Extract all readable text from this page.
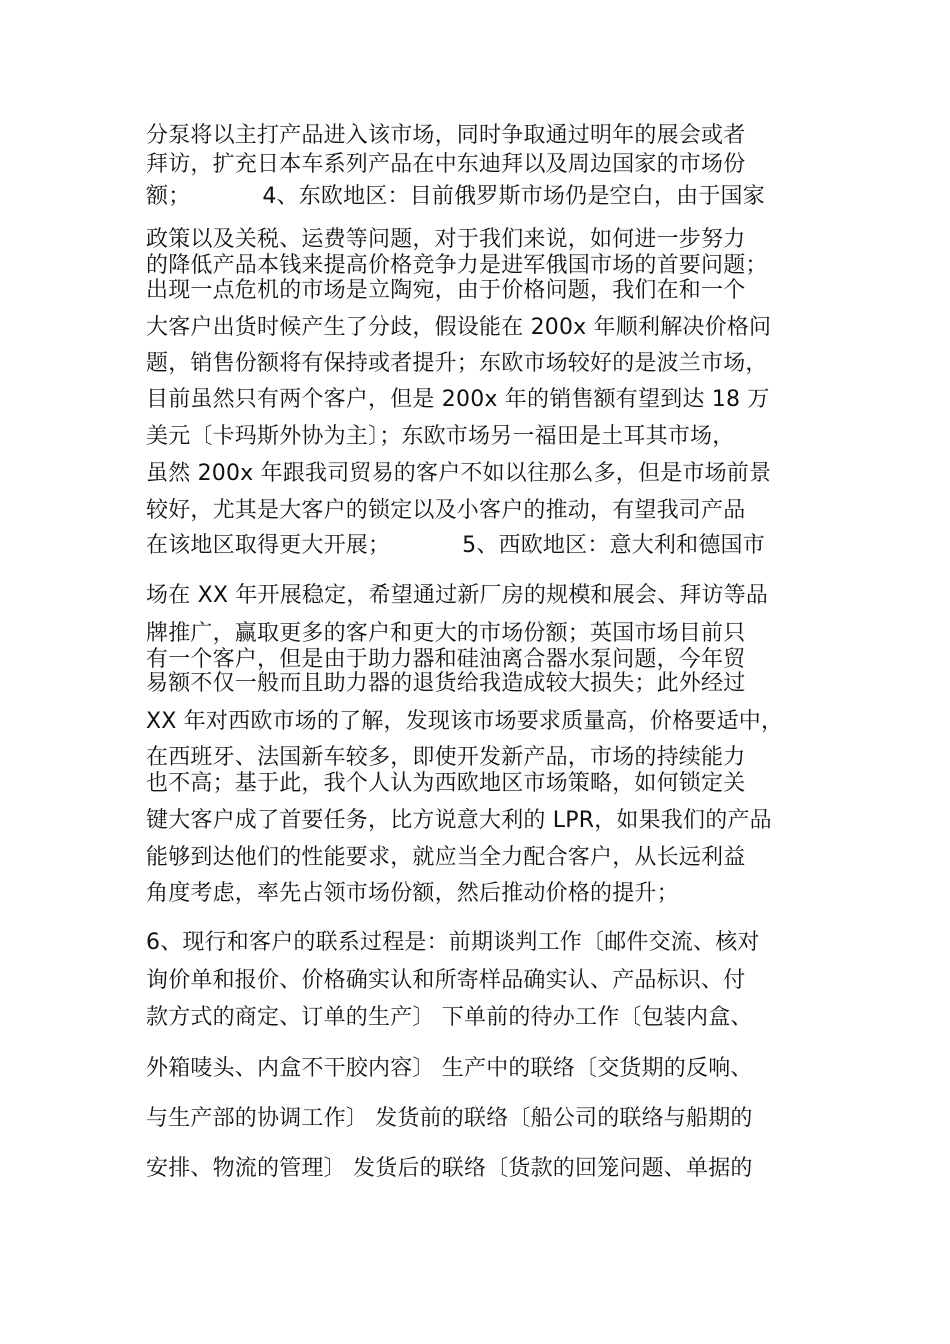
分泵将以主打产品进入该市场，同时争取通过明年的展会或者
拜访，扩充日本车系列产品在中东迪拜以及周边国家的市场份
额；          4、东欧地区：目前俄罗斯市场仍是空白，由于国家
政策以及关税、运费等问题，对于我们来说，如何进一步努力
的降低产品本钱来提高价格竞争力是进军俄国市场的首要问题；
出现一点危机的市场是立陶宛，由于价格问题，我们在和一个
大客户出货时候产生了分歧，假设能在 200x 年顺利解决价格问
题，销售份额将有保持或者提升；东欧市场较好的是波兰市场，
目前虽然只有两个客户，但是 200x 年的销售额有望到达 18 万
美元〔卡玛斯外协为主〕；东欧市场另一福田是土耳其市场，
虽然 200x 年跟我司贸易的客户不如以往那么多，但是市场前景
较好，尤其是大客户的锁定以及小客户的推动，有望我司产品
在该地区取得更大开展；          5、西欧地区：意大利和德国市
场在 XX 年开展稳定，希望通过新厂房的规模和展会、拜访等品
牌推广，赢取更多的客户和更大的市场份额；英国市场目前只
有一个客户，但是由于助力器和硅油离合器水泵问题，今年贸
易额不仅一般而且助力器的退货给我造成较大损失；此外经过
XX 年对西欧市场的了解，发现该市场要求质量高，价格要适中，
在西班牙、法国新车较多，即使开发新产品，市场的持续能力
也不高；基于此，我个人认为西欧地区市场策略，如何锁定关
键大客户成了首要任务，比方说意大利的 LPR，如果我们的产品
能够到达他们的性能要求，就应当全力配合客户，从长远利益
角度考虑，率先占领市场份额，然后推动价格的提升；
6、现行和客户的联系过程是：前期谈判工作〔邮件交流、核对
询价单和报价、价格确实认和所寄样品确实认、产品标识、付
款方式的商定、订单的生产〕 下单前的待办工作〔包装内盒、
外箱唛头、内盒不干胶内容〕 生产中的联络〔交货期的反响、
与生产部的协调工作〕 发货前的联络〔船公司的联络与船期的
安排、物流的管理〕 发货后的联络〔货款的回笼问题、单据的
